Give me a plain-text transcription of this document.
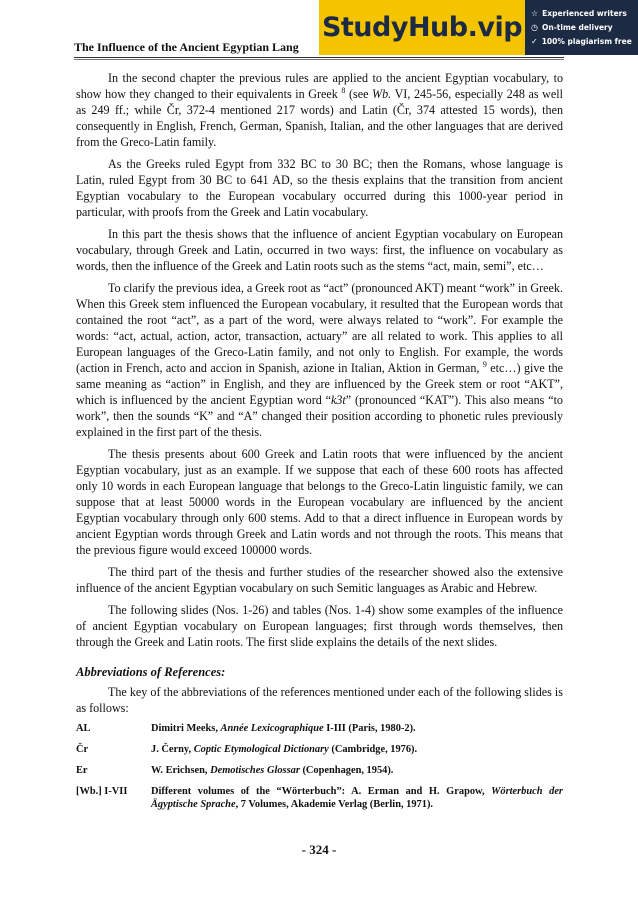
The Influence of the Ancient Egyptian Lang
StudyHub.vip	☆ Experienced writers
◷ On-time delivery
✓ 100% plagiarism free

In the second chapter the previous rules are applied to the ancient Egyptian vocabulary, to show how they changed to their equivalents in Greek $^8$ (see Wb. VI, 245-56, especially 248 as well as 249 ff.; while Čr, 372-4 mentioned 217 words) and Latin (Čr, 374 attested 15 words), then consequently in English, French, German, Spanish, Italian, and the other languages that are derived from the Greco-Latin family.

As the Greeks ruled Egypt from 332 BC to 30 BC; then the Romans, whose language is Latin, ruled Egypt from 30 BC to 641 AD, so the thesis explains that the transition from ancient Egyptian vocabulary to the European vocabulary occurred during this 1000-year period in particular, with proofs from the Greek and Latin vocabulary.

In this part the thesis shows that the influence of ancient Egyptian vocabulary on European vocabulary, through Greek and Latin, occurred in two ways: first, the influence on vocabulary as words, then the influence of the Greek and Latin roots such as the stems “act, main, semi”, etc…

To clarify the previous idea, a Greek root as “act” (pronounced AKT) meant “work” in Greek. When this Greek stem influenced the European vocabulary, it resulted that the European words that contained the root “act”, as a part of the word, were always related to “work”. For example the words: “act, actual, action, actor, transaction, actuary” are all related to work. This applies to all European languages of the Greco-Latin family, and not only to English. For example, the words (action in French, acto and accion in Spanish, azione in Italian, Aktion in German, $^9$ etc…) give the same meaning as “action” in English, and they are influenced by the Greek stem or root “AKT”, which is influenced by the ancient Egyptian word “k3t” (pronounced “KAT”). This also means “to work”, then the sounds “K” and “A” changed their position according to phonetic rules previously explained in the first part of the thesis.

The thesis presents about 600 Greek and Latin roots that were influenced by the ancient Egyptian vocabulary, just as an example. If we suppose that each of these 600 roots has affected only 10 words in each European language that belongs to the Greco-Latin linguistic family, we can suppose that at least 50000 words in the European vocabulary are influenced by the ancient Egyptian vocabulary through only 600 stems. Add to that a direct influence in European words by ancient Egyptian words through Greek and Latin words and not through the roots. This means that the previous figure would exceed 100000 words.

The third part of the thesis and further studies of the researcher showed also the extensive influence of the ancient Egyptian vocabulary on such Semitic languages as Arabic and Hebrew.

The following slides (Nos. 1-26) and tables (Nos. 1-4) show some examples of the influence of ancient Egyptian vocabulary on European languages; first through words themselves, then through the Greek and Latin roots. The first slide explains the details of the next slides.

Abbreviations of References:

The key of the abbreviations of the references mentioned under each of the following slides is as follows:

AL	Dimitri Meeks, Année Lexicographique I-III (Paris, 1980-2).
Čr	J. Černy, Coptic Etymological Dictionary (Cambridge, 1976).
Er	W. Erichsen, Demotisches Glossar (Copenhagen, 1954).
[Wb.] I-VII	Different volumes of the “Wörterbuch”: A. Erman and H. Grapow, Wörterbuch der Ägyptische Sprache, 7 Volumes, Akademie Verlag (Berlin, 1971).
- 324 -
